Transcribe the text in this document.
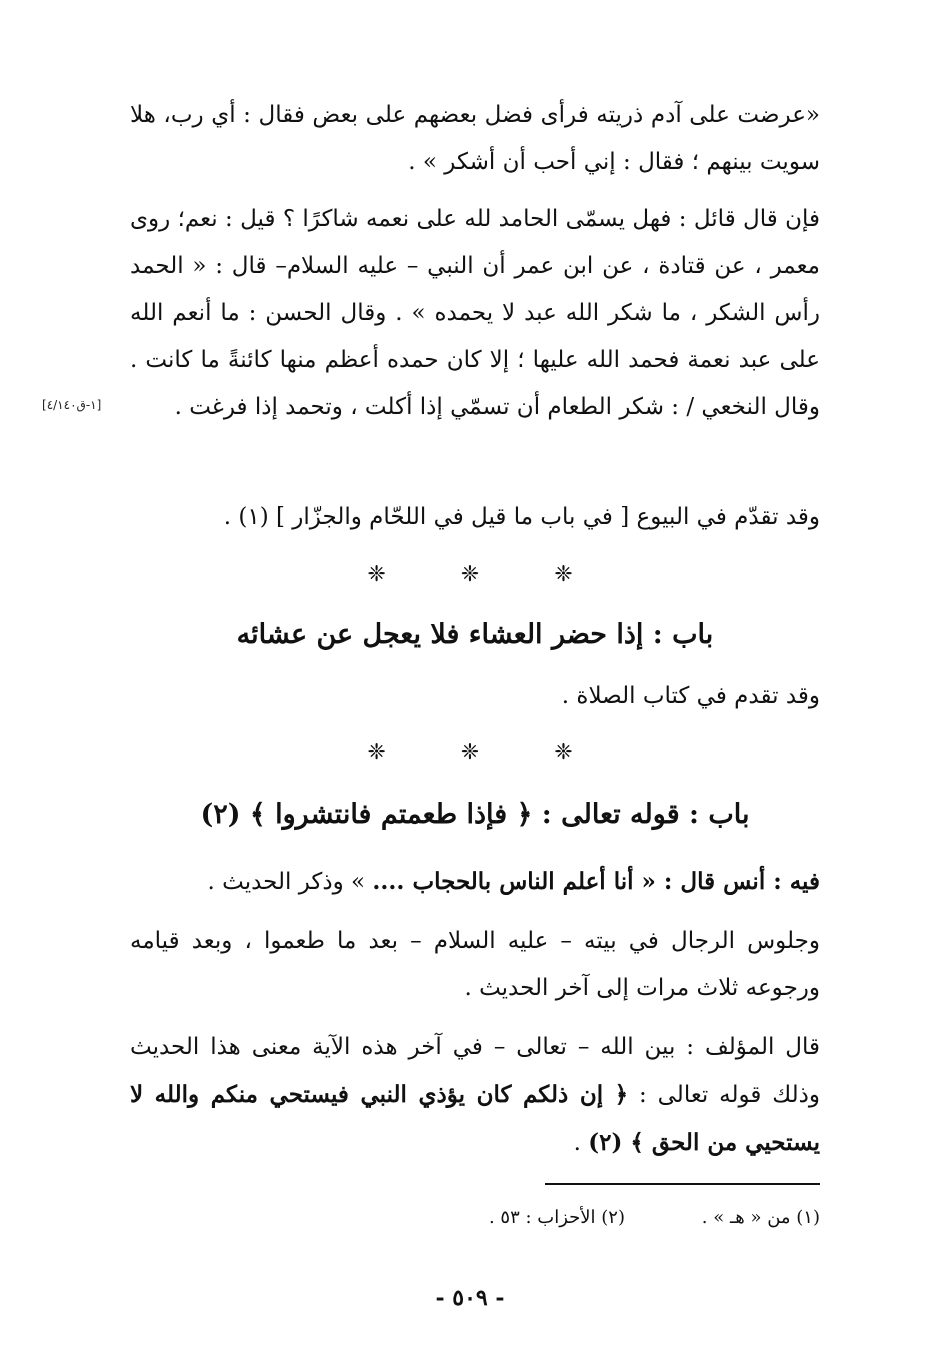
«عرضت على آدم ذريته فرأى فضل بعضهم على بعض فقال : أي رب، هلا سويت بينهم ؛ فقال : إني أحب أن أشكر » .
فإن قال قائل : فهل يسمّى الحامد لله على نعمه شاكرًا ؟ قيل : نعم؛ روى معمر ، عن قتادة ، عن ابن عمر أن النبي – عليه السلام– قال : « الحمد رأس الشكر ، ما شكر الله عبد لا يحمده » . وقال الحسن : ما أنعم الله على عبد نعمة فحمد الله عليها ؛ إلا كان حمده أعظم منها كائنةً ما كانت . وقال النخعي / : شكر الطعام أن تسمّي إذا أكلت ، وتحمد إذا فرغت .
[١-ق٤/١٤٠]
وقد تقدّم في البيوع [ في باب ما قيل في اللحّام والجزّار ] (١) .
❈ ❈ ❈
باب : إذا حضر العشاء فلا يعجل عن عشائه
وقد تقدم في كتاب الصلاة .
❈ ❈ ❈
باب : قوله تعالى : ﴿ فإذا طعمتم فانتشروا ﴾ (٢)
فيه : أنس قال : « أنا أعلم الناس بالحجاب .... » وذكر الحديث .
وجلوس الرجال في بيته – عليه السلام – بعد ما طعموا ، وبعد قيامه ورجوعه ثلاث مرات إلى آخر الحديث .
قال المؤلف : بين الله – تعالى – في آخر هذه الآية معنى هذا الحديث وذلك قوله تعالى : ﴿ إن ذلكم كان يؤذي النبي فيستحي منكم والله لا يستحيي من الحق ﴾ (٢) .
(١) من « هـ » .
(٢) الأحزاب : ٥٣ .
- ٥٠٩ -
